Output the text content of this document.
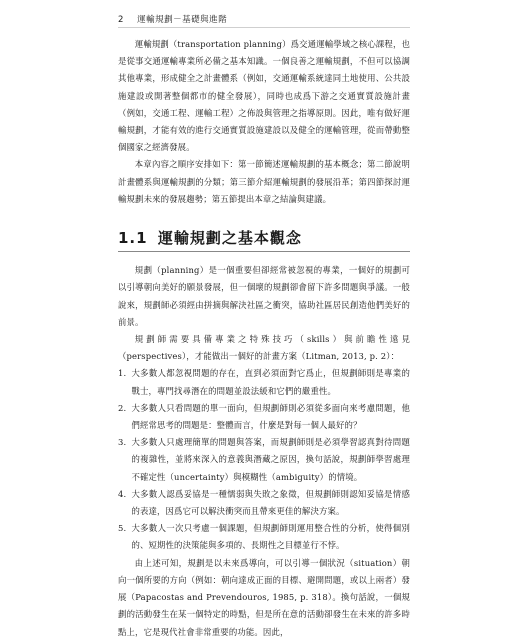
2 運輸規劃－基礎與進階

運輸規劃（transportation planning）爲交通運輸學域之核心課程，也是從事交通運輸專業所必備之基本知識。一個良善之運輸規劃，不但可以協調其他專業，形成健全之計畫體系（例如，交通運輸系統達同土地使用、公共設施建設或開著整個都市的健全發展），同時也成爲下游之交通實質設施計畫（例如，交通工程、運輸工程）之佈設與管理之指導原則。因此，唯有做好運輸規劃，才能有效的進行交通實質設施建設以及健全的運輸管理，從而帶動整個國家之經濟發展。

本章內容之順序安排如下：第一節簡述運輸規劃的基本概念；第二節說明計畫體系與運輸規劃的分類；第三節介紹運輸規劃的發展沿革；第四節探討運輸規劃未來的發展趨勢；第五節提出本章之結論與建議。

1.1 運輸規劃之基本觀念

規劃（planning）是一個重要但卻經常被忽視的專業，一個好的規劃可以引導朝向美好的願景發展，但一個壞的規劃卻會留下許多問題與爭議。一般說來，規劃師必須經由拼摘與解決社區之衝突，協助社區居民創造他們美好的前景。

規劃師需要具備專業之特殊技巧（skills）與前瞻性遠見（perspectives），才能做出一個好的計畫方案（Litman, 2013, p. 2）：

1. 大多數人都忽視問題的存在，直到必須面對它爲止，但規劃師則是專業的戰士，專門找尋潛在的問題並設法緩和它們的嚴重性。
2. 大多數人只看問題的單一面向，但規劃師則必須從多面向來考慮問題，他們經常思考的問題是：整體而言，什麼是對每一個人最好的？
3. 大多數人只處理簡單的問題與答案，而規劃師則是必須學習認真對待問題的複雜性，並將來深入的意義與潛藏之原因，換句話說，規劃師學習處理不確定性（uncertainty）與模糊性（ambiguity）的情境。
4. 大多數人認爲妥協是一種懦弱與失敗之象徵，但規劃師則認知妥協是情感的表達，因爲它可以解決衝突而且帶來更佳的解決方案。
5. 大多數人一次只考慮一個課題，但規劃師則運用整合性的分析，使得個別的、短期性的決策能與多項的、長期性之目標並行不悖。

由上述可知，規劃是以未來爲導向，可以引導一個狀況（situation）朝向一個所要的方向（例如：朝向達成正面的目標、避開問題，或以上兩者）發展（Papacostas and Prevendouros, 1985, p. 318）。換句話說，一個規劃的活動發生在某一個特定的時點，但是所在意的活動卻發生在未來的許多時點上，它是現代社會非常重要的功能。因此，
